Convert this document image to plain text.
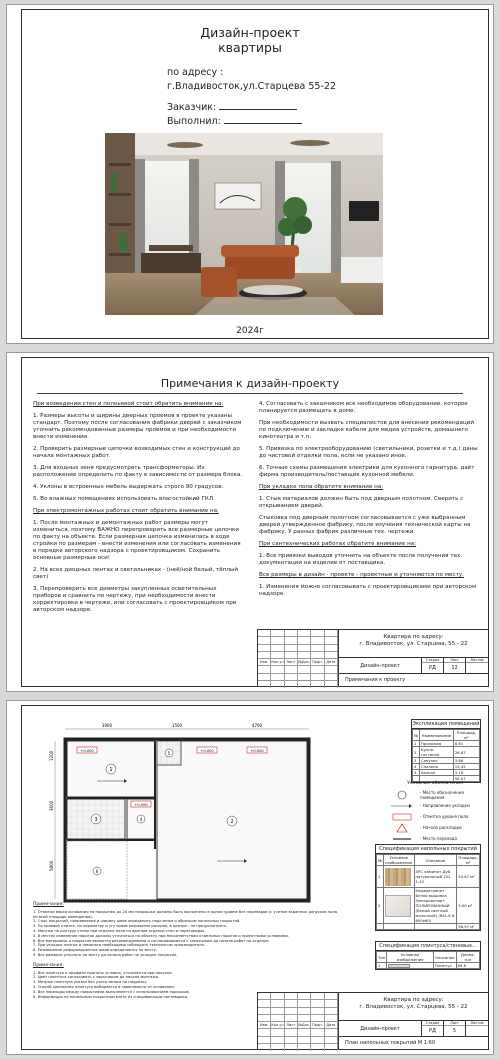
Дизайн-проект
квартиры
по адресу :
г.Владивосток,ул.Старцева 55-22
Заказчик:
Выполнил:
2024г
Примечания к дизайн-проекту
При возведении стен и полоьевой стоит обратить внимание на:

1. Размеры высоты и ширины дверных проемов в проекте указаны стандарт. Поэтому после согласования фабрики дверей с заказчиком уточнить рекомендованные размеры проемов и при необходимости внести изменения.

2. Проверить размерные цепочки возводимых стен и конструкций до начала монтажных работ.

3. Для входных зеня предусмотреть трансформаторы. Их расположение определить по факту в зависимости от размера блока.

4. Уклоны в встроенных мебель выдержать строго 90 градусов.

5. Во влажных помещениях использовать влагостойкий ГКЛ.

При электромонтажных работах стоит обратить внимание на:

1. После монтажных и демонтажных работ размеры могут измениться, поэтому ВАЖНО перепроверить все размерные цепочки по факту на объекте. Если размерная цепочка изменилась в ходе стройки по размерам - внести изменения или согласовать изменения в порядке авторского надзора с проектировщиком. Сохранить основные размерные оси!

2. На всех диодных лентах и светильниках - (неё/ной белый, тёплый свет)

3. Перепроверить все диаметры закупленных осветительных приборов и сравнить по чертежу, при необходимости внести корректировки в чертеже, или согласовать с проектировщиком при авторском надзоре.

4. Согласовать с заказчиком все необходимое оборудование, которое планируется размещать в доме.

При необходимости вызвать специалистов для внесения рекомендаций по подключению и закладке кабеля для медиа устройств, домашнего кинотеатра и т.п.

5. Привязка по электрооборудованию (светильники, розетки и т.д.) даны до чистовой отделки пола, если не указано иное.

6. Точные схемы размещения электрики для кухонного гарнитура, даёт фирма производитель/поставщик кухонной мебели.

При укладке пола обратите внимание на:

1. Стык материалов должен быть под дверным полотном. Сверить с открыванием дверей.

Стыковка под дверным полотном согласовывается с уже выбранным дверей.утвержденное фабрику, после изучения технической карты на фабрику. У разных фабрик различные тех. чертежи.

При сантехнических работах обратите внимание на:

1. Все привязки выводов уточнить на объекте после получения тех. документации на изделие от поставщика.

Все размеры в дизайн - проекте - проектные и уточняются по месту.

1. Изменения можно согласовывать с проектировщиками при авторском надзоре.

Изм. Кол.уч Лист №Док. Подп. Дата
Квартира по адресу:
г. Владивосток, ул. Старцева, 55 - 22
Дизайн-проект
Стадия
РД
Лист
12
Листов
Примечания к проекту
3900	1500	4700
1200
3600
5800
1
2
3	4
5
6
+0.000	+0.000
+0.000
+0.000
Экспликация помещений
№	Наименование	Площадь, м²
1	Прихожая	8.61
2	Кухня-гостиная	26.87
3	Санузел	3.86
4	Спальня	15.45
5	Балкон	3.18
		58.97
Условные обозначения
- Место обозначения помещения
- Направление укладки
- Отметка уровня пола
- Начало раскладки
- Место перехода
Спецификация напольных покрытий
№	Условное изображение	Описание	Площадь, м²
1		SPC ламинат Дуб натуральный 222 1-42	54.87 м²
2		Керамогранит Белая вышивка Эмпориоспорт ПОЛИРОВАННЫЙ (Белый светлый молочный) (RAL-6 6 600x60)	3.00 м²
			58.97 м²
Спецификация плинтуса/стеновых...
Тип	Условное изображение	Описание	Длина, п.м
1		Плинтус	89.8
Примечания:
1. Отметки верха основания по покрытию до 20 мм покрышки должны быть выполнены в одном уровне без перепадов (с учетом заданных допусков пола, по всей площади помещения).
2. Стык покрытий, направление и ширину швов определить подсчетом и образцом напольных покрытий.
3. По краевой плитке, по периметру и угу краев разрешено раскрое, в центре - не предусмотреть.
4. Монтаж по контуру стены при отделке пола по данным отделки стен и перегородок.
5. В местах изменения порогов должны уточняться по объекту при несоответствии отдельных порогов и проектными условиями.
6. Все материалы и покрытия являются рекомендуемыми и согласовываются с заказчиком до начала работ по отделке.
7. При укладке плитки и ламината необходимо соблюдать технологию производителя.
8. Размещение деформационных швов определяется по месту.
9. Все размеры уточнять по месту до начала работ по укладке покрытия.
Примечания:
1. Все плинтуса и профили приняты условно, уточняются при покупке.
2. Цвет плинтуса согласовать с заказчиком до начала монтажа.
3. Метраж плинтуса указан без учета запаса на подрезку.
4. Способ крепления плинтуса выбирается в зависимости от основания.
5. Все переходы между покрытиями выполняются с использованием порожков.
6. Информация по напольным покрытиям взята из спецификации поставщика.
Изм. Кол.уч Лист №Док. Подп. Дата
Квартира по адресу:
г. Владивосток, ул. Старцева, 55 - 22
Дизайн-проект
Стадия
РД
Лист
5
Листов
План напольных покрытий М 1:60
